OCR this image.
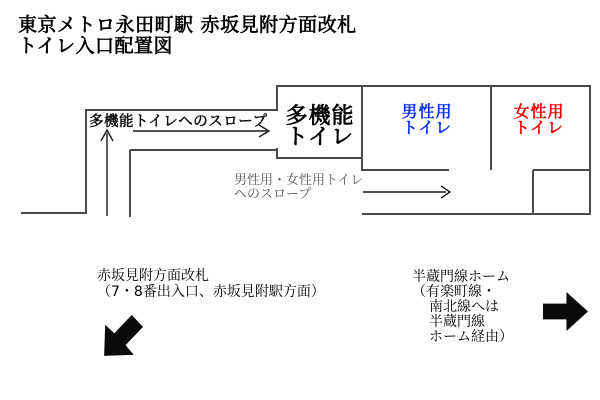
東京メトロ永田町駅 赤坂見附方面改札
トイレ入口配置図
多機能トイレへのスロープ 多機能
トイレ
男性用
トイレ
女性用
トイレ
男性用・女性用トイレ
へのスロープ
赤坂見附方面改札
（7・8番出入口、赤坂見附駅方面）
半蔵門線ホーム
（有楽町線・
南北線へは
半蔵門線
ホーム経由）
